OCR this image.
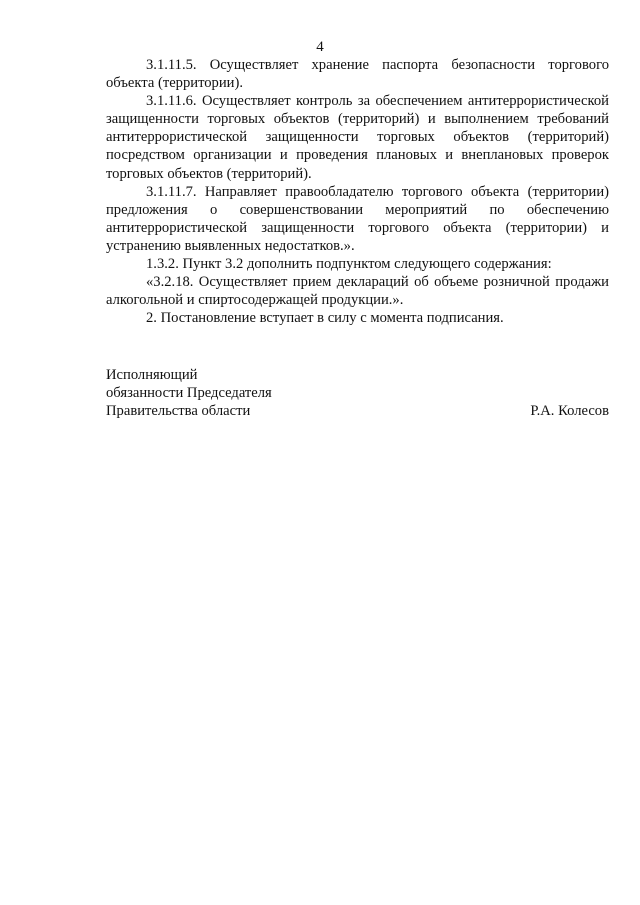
4

3.1.11.5. Осуществляет хранение паспорта безопасности торгового объекта (территории).

3.1.11.6. Осуществляет контроль за обеспечением антитеррористической защищенности торговых объектов (территорий) и выполнением требований антитеррористической защищенности торговых объектов (территорий) посредством организации и проведения плановых и внеплановых проверок торговых объектов (территорий).

3.1.11.7. Направляет правообладателю торгового объекта (территории) предложения о совершенствовании мероприятий по обеспечению антитеррористической защищенности торгового объекта (территории) и устранению выявленных недостатков.».

1.3.2. Пункт 3.2 дополнить подпунктом следующего содержания:

«3.2.18. Осуществляет прием деклараций об объеме розничной продажи алкогольной и спиртосодержащей продукции.».

2. Постановление вступает в силу с момента подписания.

Исполняющий
обязанности Председателя
Правительства области	Р.А. Колесов
